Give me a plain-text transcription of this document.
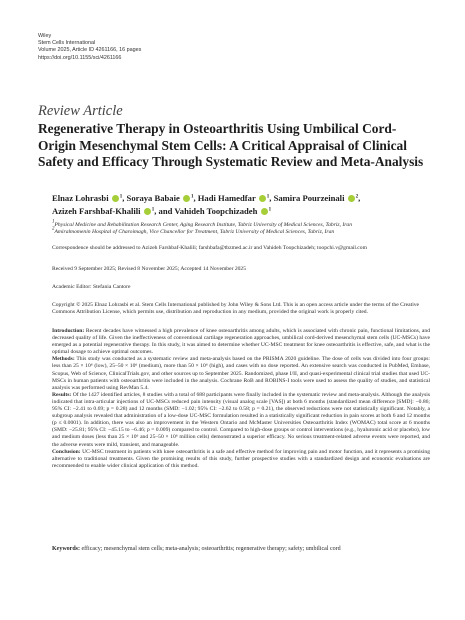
Wiley
Stem Cells International
Volume 2025, Article ID 4261166, 16 pages
https://doi.org/10.1155/sci/4261166
Review Article
Regenerative Therapy in Osteoarthritis Using Umbilical Cord-Origin Mesenchymal Stem Cells: A Critical Appraisal of Clinical Safety and Efficacy Through Systematic Review and Meta-Analysis
Elnaz Lohrasbi $^1$, Soraya Babaie $^1$, Hadi Hamedfar $^1$, Samira Pourzeinali $^2$,
Azizeh Farshbaf-Khalili $^1$, and Vahideh Toopchizadeh $^1$
$^1$Physical Medicine and Rehabilitation Research Center, Aging Research Institute, Tabriz University of Medical Sciences, Tabriz, Iran
$^2$Amiralmomenin Hospital of Charoimagh, Vice Chancellor for Treatment, Tabriz University of Medical Sciences, Tabriz, Iran
Correspondence should be addressed to Azizeh Farshbaf-Khalili; farshbafa@tbzmed.ac.ir and Vahideh Toopchizadeh; toopchi.v@gmail.com
Received 9 September 2025; Revised 8 November 2025; Accepted 14 November 2025
Academic Editor: Stefania Cantore
Copyright © 2025 Elnaz Lohrasbi et al. Stem Cells International published by John Wiley & Sons Ltd. This is an open access article under the terms of the Creative Commons Attribution License, which permits use, distribution and reproduction in any medium, provided the original work is properly cited.

Introduction: Recent decades have witnessed a high prevalence of knee osteoarthritis among adults, which is associated with chronic pain, functional limitations, and decreased quality of life. Given the ineffectiveness of conventional cartilage regeneration approaches, umbilical cord-derived mesenchymal stem cells (UC-MSCs) have emerged as a potential regenerative therapy. In this study, it was aimed to determine whether UC-MSC treatment for knee osteoarthritis is effective, safe, and what is the optimal dosage to achieve optimal outcomes.

Methods: This study was conducted as a systematic review and meta-analysis based on the PRISMA 2020 guideline. The dose of cells was divided into four groups: less than 25 × 10⁶ (low), 25–50 × 10⁶ (medium), more than 50 × 10⁶ (high), and cases with no dose reported. An extensive search was conducted in PubMed, Embase, Scopus, Web of Science, ClinicalTrials.gov, and other sources up to September 2025. Randomized, phase I/II, and quasi-experimental clinical trial studies that used UC-MSCs in human patients with osteoarthritis were included in the analysis. Cochrane RoB and ROBINS-I tools were used to assess the quality of studies, and statistical analysis was performed using RevMan 5.4.

Results: Of the 1427 identified articles, 8 studies with a total of 688 participants were finally included in the systematic review and meta-analysis. Although the analysis indicated that intra-articular injections of UC-MSCs reduced pain intensity (visual analog scale [VAS]) at both 6 months (standardized mean difference [SMD]: −0.86; 95% CI: −2.41 to 0.69; p = 0.28) and 12 months (SMD: −1.02; 95% CI: −2.62 to 0.58; p = 0.21), the observed reductions were not statistically significant. Notably, a subgroup analysis revealed that administration of a low-dose UC-MSC formulation resulted in a statistically significant reduction in pain scores at both 6 and 12 months (p ≤ 0.0001). In addition, there was also an improvement in the Western Ontario and McMaster Universities Osteoarthritis Index (WOMAC) total score at 6 months (SMD: −25.81; 95% CI: −45.15 to −6.46; p = 0.009) compared to control. Compared to high-dose groups or control interventions (e.g., hyaluronic acid or placebo), low and medium doses (less than 25 × 10⁶ and 25–50 × 10⁶ million cells) demonstrated a superior efficacy. No serious treatment-related adverse events were reported, and the adverse events were mild, transient, and manageable.

Conclusion: UC-MSC treatment in patients with knee osteoarthritis is a safe and effective method for improving pain and motor function, and it represents a promising alternative to traditional treatments. Given the promising results of this study, further prospective studies with a standardized design and economic evaluations are recommended to enable wider clinical application of this method.

Keywords: efficacy; mesenchymal stem cells; meta-analysis; osteoarthritis; regenerative therapy; safety; umbilical cord
